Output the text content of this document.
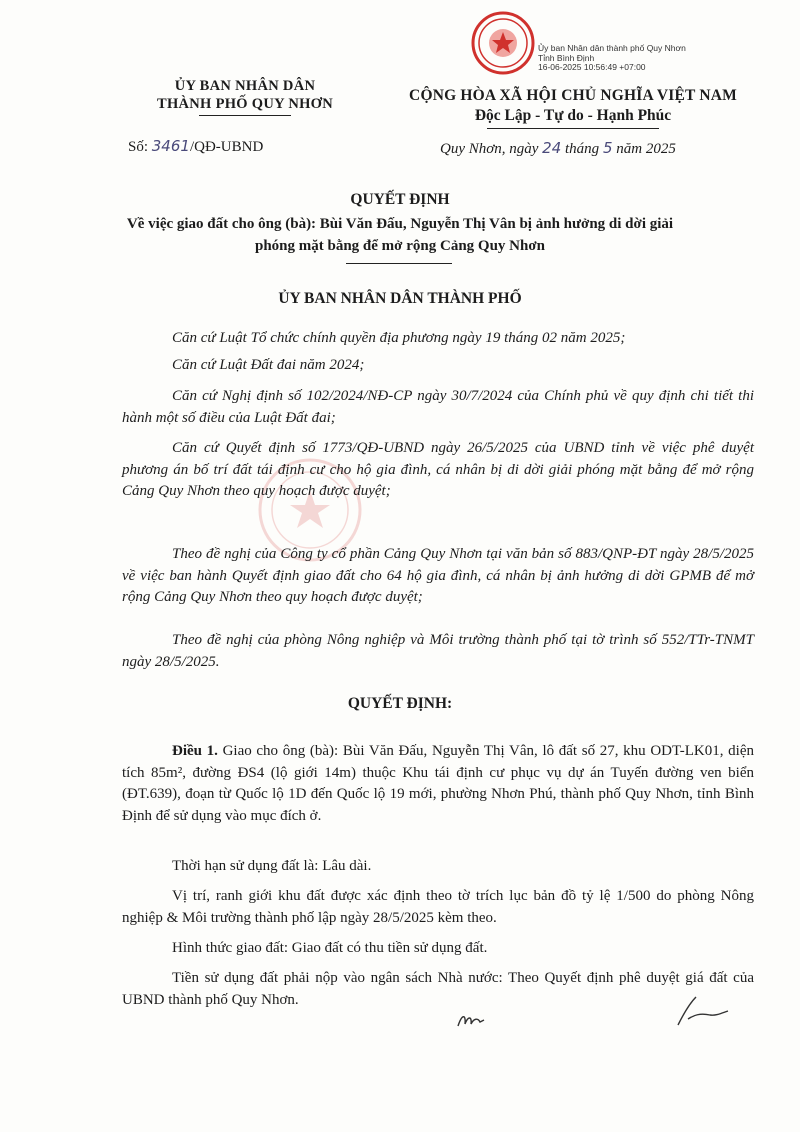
Ủy ban Nhân dân thành phố Quy Nhơn
Tỉnh Bình Định
16-06-2025 10:56:49 +07:00
ỦY BAN NHÂN DÂN
THÀNH PHỐ QUY NHƠN
Số: 3461/QĐ-UBND
CỘNG HÒA XÃ HỘI CHỦ NGHĨA VIỆT NAM
Độc Lập - Tự do - Hạnh Phúc
Quy Nhơn, ngày 24 tháng 5 năm 2025
QUYẾT ĐỊNH
Về việc giao đất cho ông (bà): Bùi Văn Đấu, Nguyễn Thị Vân bị ảnh hưởng di dời giải phóng mặt bằng để mở rộng Cảng Quy Nhơn
ỦY BAN NHÂN DÂN THÀNH PHỐ
Căn cứ Luật Tổ chức chính quyền địa phương ngày 19 tháng 02 năm 2025;
Căn cứ Luật Đất đai năm 2024;
Căn cứ Nghị định số 102/2024/NĐ-CP ngày 30/7/2024 của Chính phủ về quy định chi tiết thi hành một số điều của Luật Đất đai;
Căn cứ Quyết định số 1773/QĐ-UBND ngày 26/5/2025 của UBND tỉnh về việc phê duyệt phương án bố trí đất tái định cư cho hộ gia đình, cá nhân bị di dời giải phóng mặt bằng để mở rộng Cảng Quy Nhơn theo quy hoạch được duyệt;
Theo đề nghị của Công ty cổ phần Cảng Quy Nhơn tại văn bản số 883/QNP-ĐT ngày 28/5/2025 về việc ban hành Quyết định giao đất cho 64 hộ gia đình, cá nhân bị ảnh hưởng di dời GPMB để mở rộng Cảng Quy Nhơn theo quy hoạch được duyệt;
Theo đề nghị của phòng Nông nghiệp và Môi trường thành phố tại tờ trình số 552/TTr-TNMT ngày 28/5/2025.
QUYẾT ĐỊNH:
Điều 1. Giao cho ông (bà): Bùi Văn Đấu, Nguyễn Thị Vân, lô đất số 27, khu ODT-LK01, diện tích 85m², đường ĐS4 (lộ giới 14m) thuộc Khu tái định cư phục vụ dự án Tuyến đường ven biển (ĐT.639), đoạn từ Quốc lộ 1D đến Quốc lộ 19 mới, phường Nhơn Phú, thành phố Quy Nhơn, tỉnh Bình Định để sử dụng vào mục đích ở.
Thời hạn sử dụng đất là: Lâu dài.
Vị trí, ranh giới khu đất được xác định theo tờ trích lục bản đồ tỷ lệ 1/500 do phòng Nông nghiệp & Môi trường thành phố lập ngày 28/5/2025 kèm theo.
Hình thức giao đất: Giao đất có thu tiền sử dụng đất.
Tiền sử dụng đất phải nộp vào ngân sách Nhà nước: Theo Quyết định phê duyệt giá đất của UBND thành phố Quy Nhơn.
